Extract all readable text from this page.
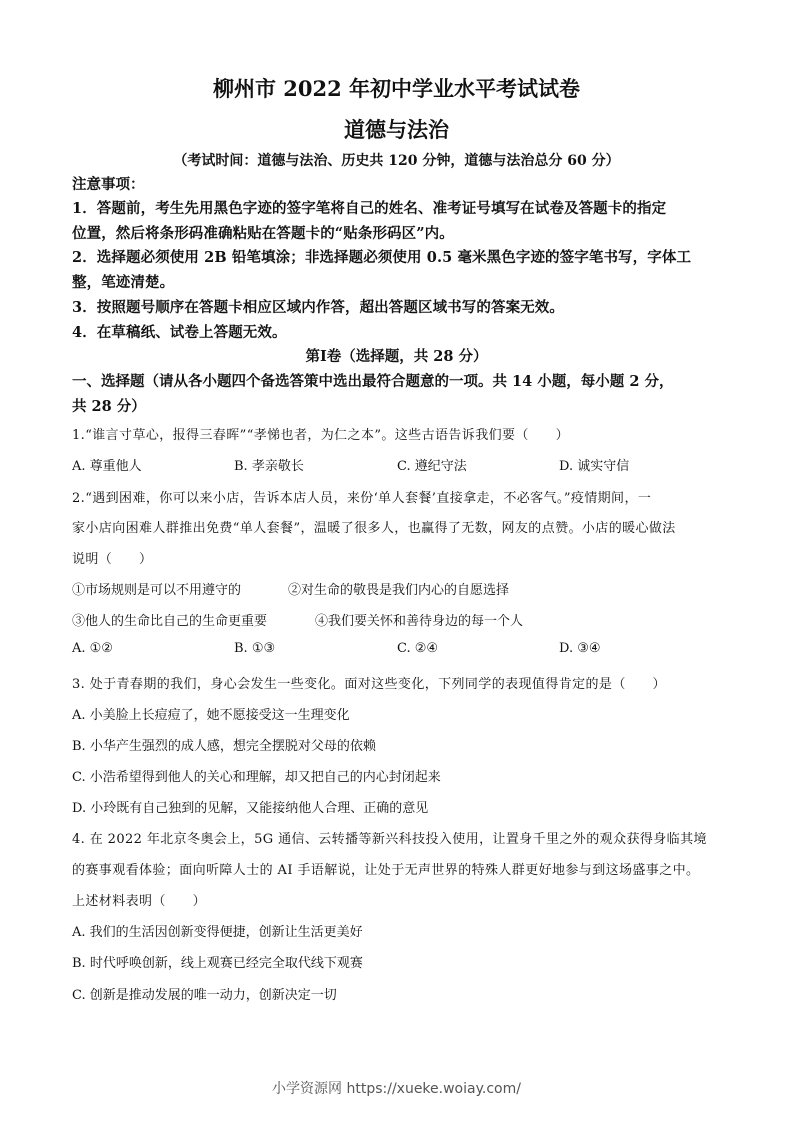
柳州市 2022 年初中学业水平考试试卷
道德与法治
（考试时间：道德与法治、历史共 120 分钟，道德与法治总分 60 分）
注意事项：
1．答题前，考生先用黑色字迹的签字笔将自己的姓名、准考证号填写在试卷及答题卡的指定
位置，然后将条形码准确粘贴在答题卡的“贴条形码区”内。
2．选择题必须使用 2B 铅笔填涂；非选择题必须使用 0.5 毫米黑色字迹的签字笔书写，字体工
整，笔迹清楚。
3．按照题号顺序在答题卡相应区域内作答，超出答题区域书写的答案无效。
4．在草稿纸、试卷上答题无效。
第Ⅰ卷（选择题，共 28 分）
一、选择题（请从各小题四个备选答策中选出最符合题意的一项。共 14 小题，每小题 2 分，
共 28 分）
1.“谁言寸草心，报得三春晖”“孝悌也者，为仁之本”。这些古语告诉我们要（　　）
A. 尊重他人	B. 孝亲敬长	C. 遵纪守法	D. 诚实守信
2.“遇到困难，你可以来小店，告诉本店人员，来份‘单人套餐’直接拿走，不必客气。”疫情期间，一
家小店向困难人群推出免费“单人套餐”，温暖了很多人，也赢得了无数，网友的点赞。小店的暖心做法
说明（　　）
①市场规则是可以不用遵守的	②对生命的敬畏是我们内心的自愿选择
③他人的生命比自己的生命更重要	④我们要关怀和善待身边的每一个人
A. ①②	B. ①③	C. ②④	D. ③④
3. 处于青春期的我们，身心会发生一些变化。面对这些变化，下列同学的表现值得肯定的是（　　）
A. 小美脸上长痘痘了，她不愿接受这一生理变化
B. 小华产生强烈的成人感，想完全摆脱对父母的依赖
C. 小浩希望得到他人的关心和理解，却又把自己的内心封闭起来
D. 小玲既有自己独到的见解，又能接纳他人合理、正确的意见
4. 在 2022 年北京冬奥会上，5G 通信、云转播等新兴科技投入使用，让置身千里之外的观众获得身临其境
的赛事观看体验；面向听障人士的 AI 手语解说，让处于无声世界的特殊人群更好地参与到这场盛事之中。
上述材料表明（　　）
A. 我们的生活因创新变得便捷，创新让生活更美好
B. 时代呼唤创新，线上观赛已经完全取代线下观赛
C. 创新是推动发展的唯一动力，创新决定一切
小学资源网 https://xueke.woiay.com/
